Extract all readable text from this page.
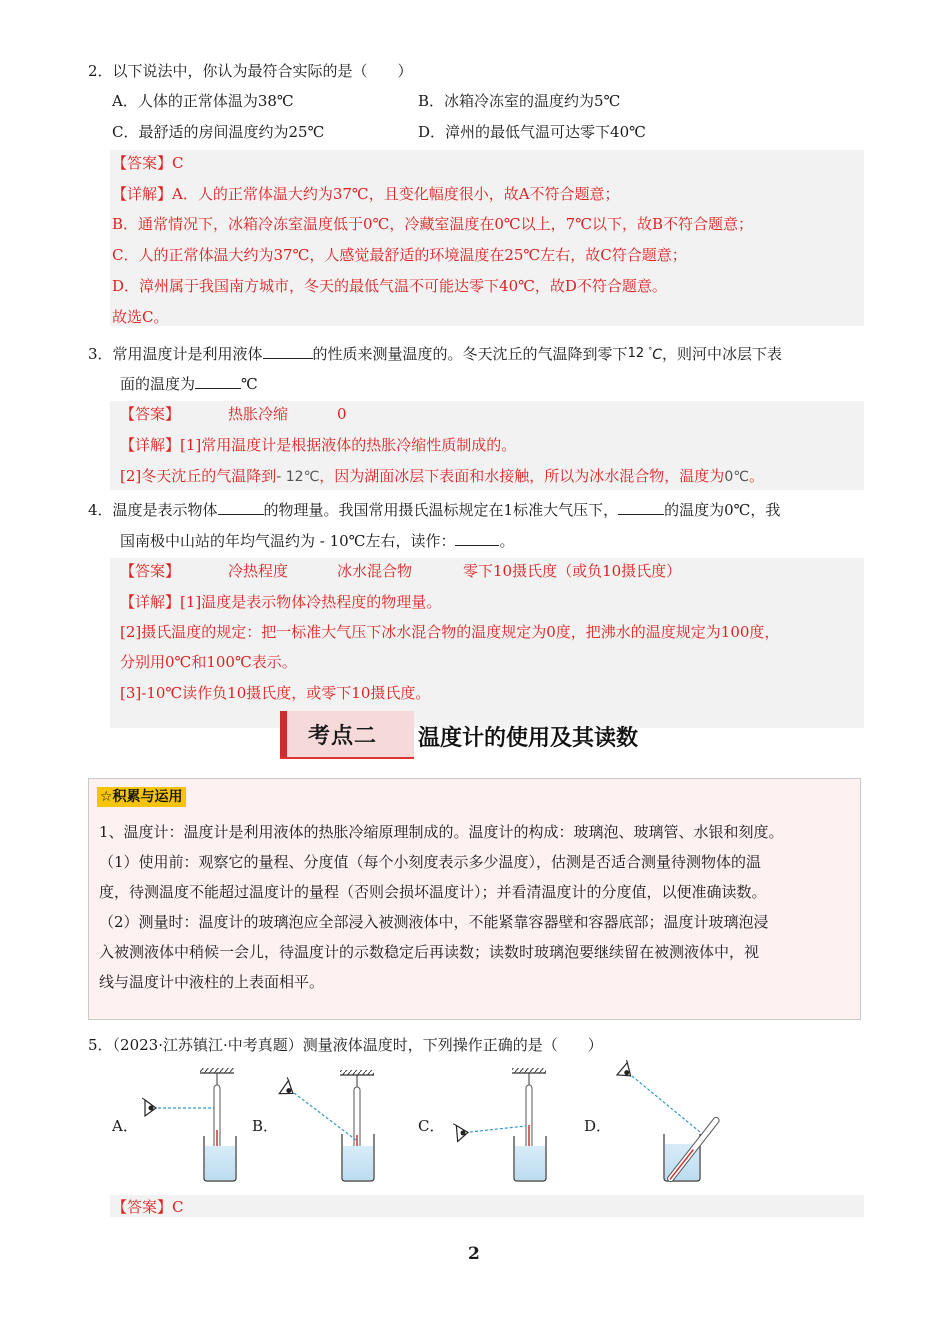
2．以下说法中，你认为最符合实际的是（　　）
A．人体的正常体温为38℃	B．冰箱冷冻室的温度约为5℃
C．最舒适的房间温度约为25℃	D．漳州的最低气温可达零下40℃
【答案】C
【详解】A．人的正常体温大约为37℃，且变化幅度很小，故A不符合题意；
B．通常情况下，冰箱冷冻室温度低于0℃，冷藏室温度在0℃以上，7℃以下，故B不符合题意；
C．人的正常体温大约为37℃，人感觉最舒适的环境温度在25℃左右，故C符合题意；
D．漳州属于我国南方城市，冬天的最低气温不可能达零下40℃，故D不符合题意。
故选C。
3．常用温度计是利用液体	的性质来测量温度的。冬天沈丘的气温降到零下12 °C，则河中冰层下表
面的温度为	℃
【答案】	热胀冷缩	0
【详解】[1]常用温度计是根据液体的热胀冷缩性质制成的。
[2]冬天沈丘的气温降到- 12℃，因为湖面冰层下表面和水接触，所以为冰水混合物，温度为0℃。
4．温度是表示物体	的物理量。我国常用摄氏温标规定在1标准大气压下，	的温度为0℃，我
国南极中山站的年均气温约为 - 10℃左右，读作：	。
【答案】	冷热程度	冰水混合物	零下10摄氏度（或负10摄氏度）
【详解】[1]温度是表示物体冷热程度的物理量。
[2]摄氏温度的规定：把一标准大气压下冰水混合物的温度规定为0度，把沸水的温度规定为100度，
分别用0℃和100℃表示。
[3]-10℃读作负10摄氏度，或零下10摄氏度。
考点二 温度计的使用及其读数
☆积累与运用
1、温度计：温度计是利用液体的热胀冷缩原理制成的。温度计的构成：玻璃泡、玻璃管、水银和刻度。
（1）使用前：观察它的量程、分度值（每个小刻度表示多少温度），估测是否适合测量待测物体的温
度，待测温度不能超过温度计的量程（否则会损坏温度计）；并看清温度计的分度值，以便准确读数。
（2）测量时：温度计的玻璃泡应全部浸入被测液体中，不能紧靠容器壁和容器底部；温度计玻璃泡浸
入被测液体中稍候一会儿，待温度计的示数稳定后再读数；读数时玻璃泡要继续留在被测液体中，视
线与温度计中液柱的上表面相平。
5．（2023·江苏镇江·中考真题）测量液体温度时，下列操作正确的是（　　）
A．	B．	C．	D．
【答案】C
2
